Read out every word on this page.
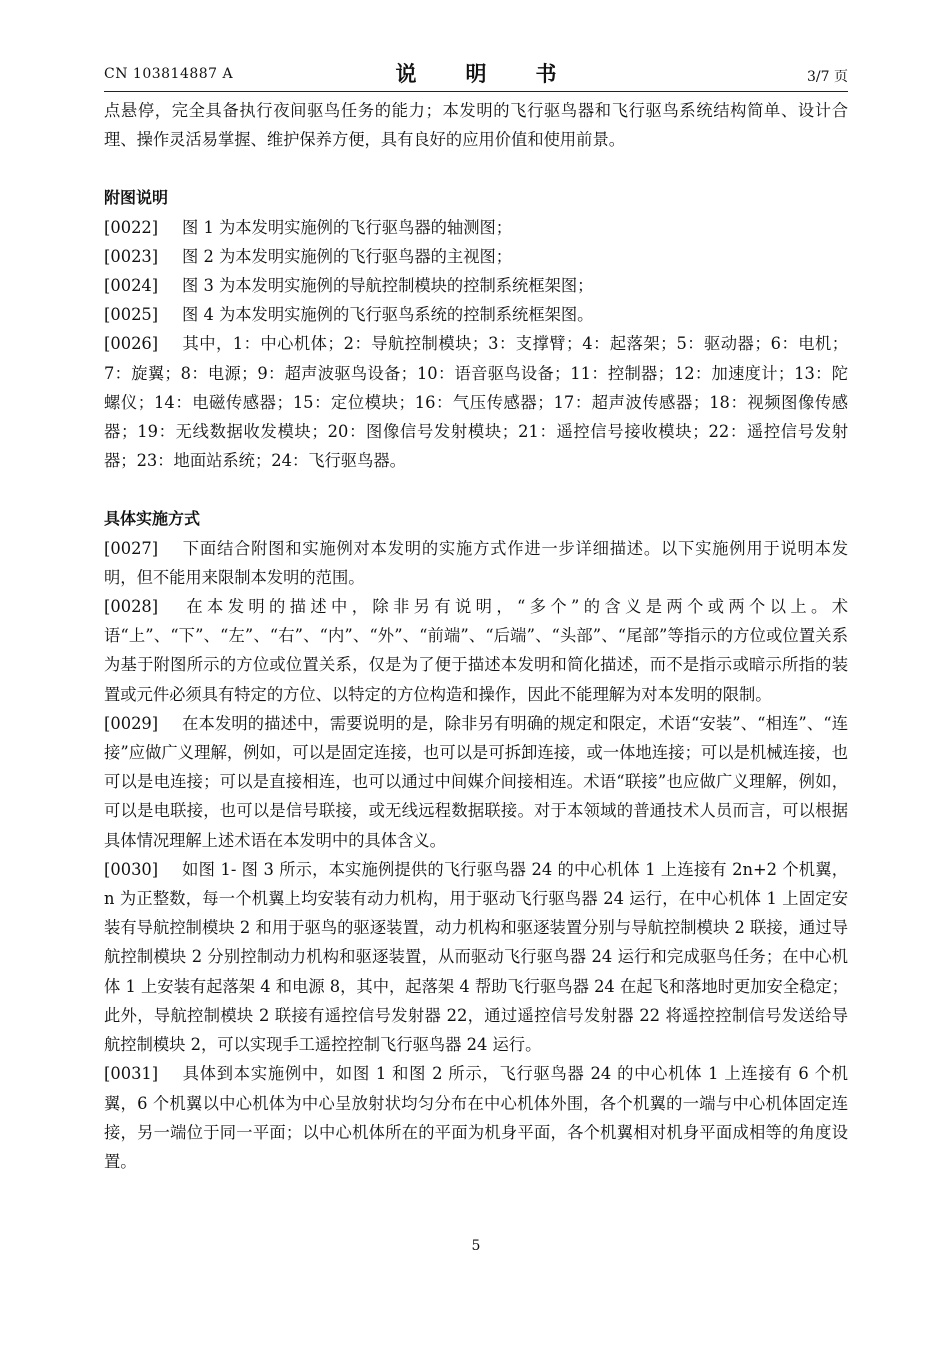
CN 103814887 A	说　明　书	3/7 页

点悬停，完全具备执行夜间驱鸟任务的能力；本发明的飞行驱鸟器和飞行驱鸟系统结构简单、设计合理、操作灵活易掌握、维护保养方便，具有良好的应用价值和使用前景。

附图说明

[0022] 图 1 为本发明实施例的飞行驱鸟器的轴测图；

[0023] 图 2 为本发明实施例的飞行驱鸟器的主视图；

[0024] 图 3 为本发明实施例的导航控制模块的控制系统框架图；

[0025] 图 4 为本发明实施例的飞行驱鸟系统的控制系统框架图。

[0026] 其中，1：中心机体；2：导航控制模块；3：支撑臂；4：起落架；5：驱动器；6：电机；7：旋翼；8：电源；9：超声波驱鸟设备；10：语音驱鸟设备；11：控制器；12：加速度计；13：陀螺仪；14：电磁传感器；15：定位模块；16：气压传感器；17：超声波传感器；18：视频图像传感器；19：无线数据收发模块；20：图像信号发射模块；21：遥控信号接收模块；22：遥控信号发射器；23：地面站系统；24：飞行驱鸟器。

具体实施方式

[0027] 下面结合附图和实施例对本发明的实施方式作进一步详细描述。以下实施例用于说明本发明，但不能用来限制本发明的范围。

[0028] 在本发明的描述中，除非另有说明，“多个”的含义是两个或两个以上。术语“上”、“下”、“左”、“右”、“内”、“外”、“前端”、“后端”、“头部”、“尾部”等指示的方位或位置关系为基于附图所示的方位或位置关系，仅是为了便于描述本发明和简化描述，而不是指示或暗示所指的装置或元件必须具有特定的方位、以特定的方位构造和操作，因此不能理解为对本发明的限制。

[0029] 在本发明的描述中，需要说明的是，除非另有明确的规定和限定，术语“安装”、“相连”、“连接”应做广义理解，例如，可以是固定连接，也可以是可拆卸连接，或一体地连接；可以是机械连接，也可以是电连接；可以是直接相连，也可以通过中间媒介间接相连。术语“联接”也应做广义理解，例如，可以是电联接，也可以是信号联接，或无线远程数据联接。对于本领域的普通技术人员而言，可以根据具体情况理解上述术语在本发明中的具体含义。

[0030] 如图 1- 图 3 所示，本实施例提供的飞行驱鸟器 24 的中心机体 1 上连接有 2n+2 个机翼，n 为正整数，每一个机翼上均安装有动力机构，用于驱动飞行驱鸟器 24 运行，在中心机体 1 上固定安装有导航控制模块 2 和用于驱鸟的驱逐装置，动力机构和驱逐装置分别与导航控制模块 2 联接，通过导航控制模块 2 分别控制动力机构和驱逐装置，从而驱动飞行驱鸟器 24 运行和完成驱鸟任务；在中心机体 1 上安装有起落架 4 和电源 8，其中，起落架 4 帮助飞行驱鸟器 24 在起飞和落地时更加安全稳定；此外，导航控制模块 2 联接有遥控信号发射器 22，通过遥控信号发射器 22 将遥控控制信号发送给导航控制模块 2，可以实现手工遥控控制飞行驱鸟器 24 运行。

[0031] 具体到本实施例中，如图 1 和图 2 所示，飞行驱鸟器 24 的中心机体 1 上连接有 6 个机翼，6 个机翼以中心机体为中心呈放射状均匀分布在中心机体外围，各个机翼的一端与中心机体固定连接，另一端位于同一平面；以中心机体所在的平面为机身平面，各个机翼相对机身平面成相等的角度设置。

5
